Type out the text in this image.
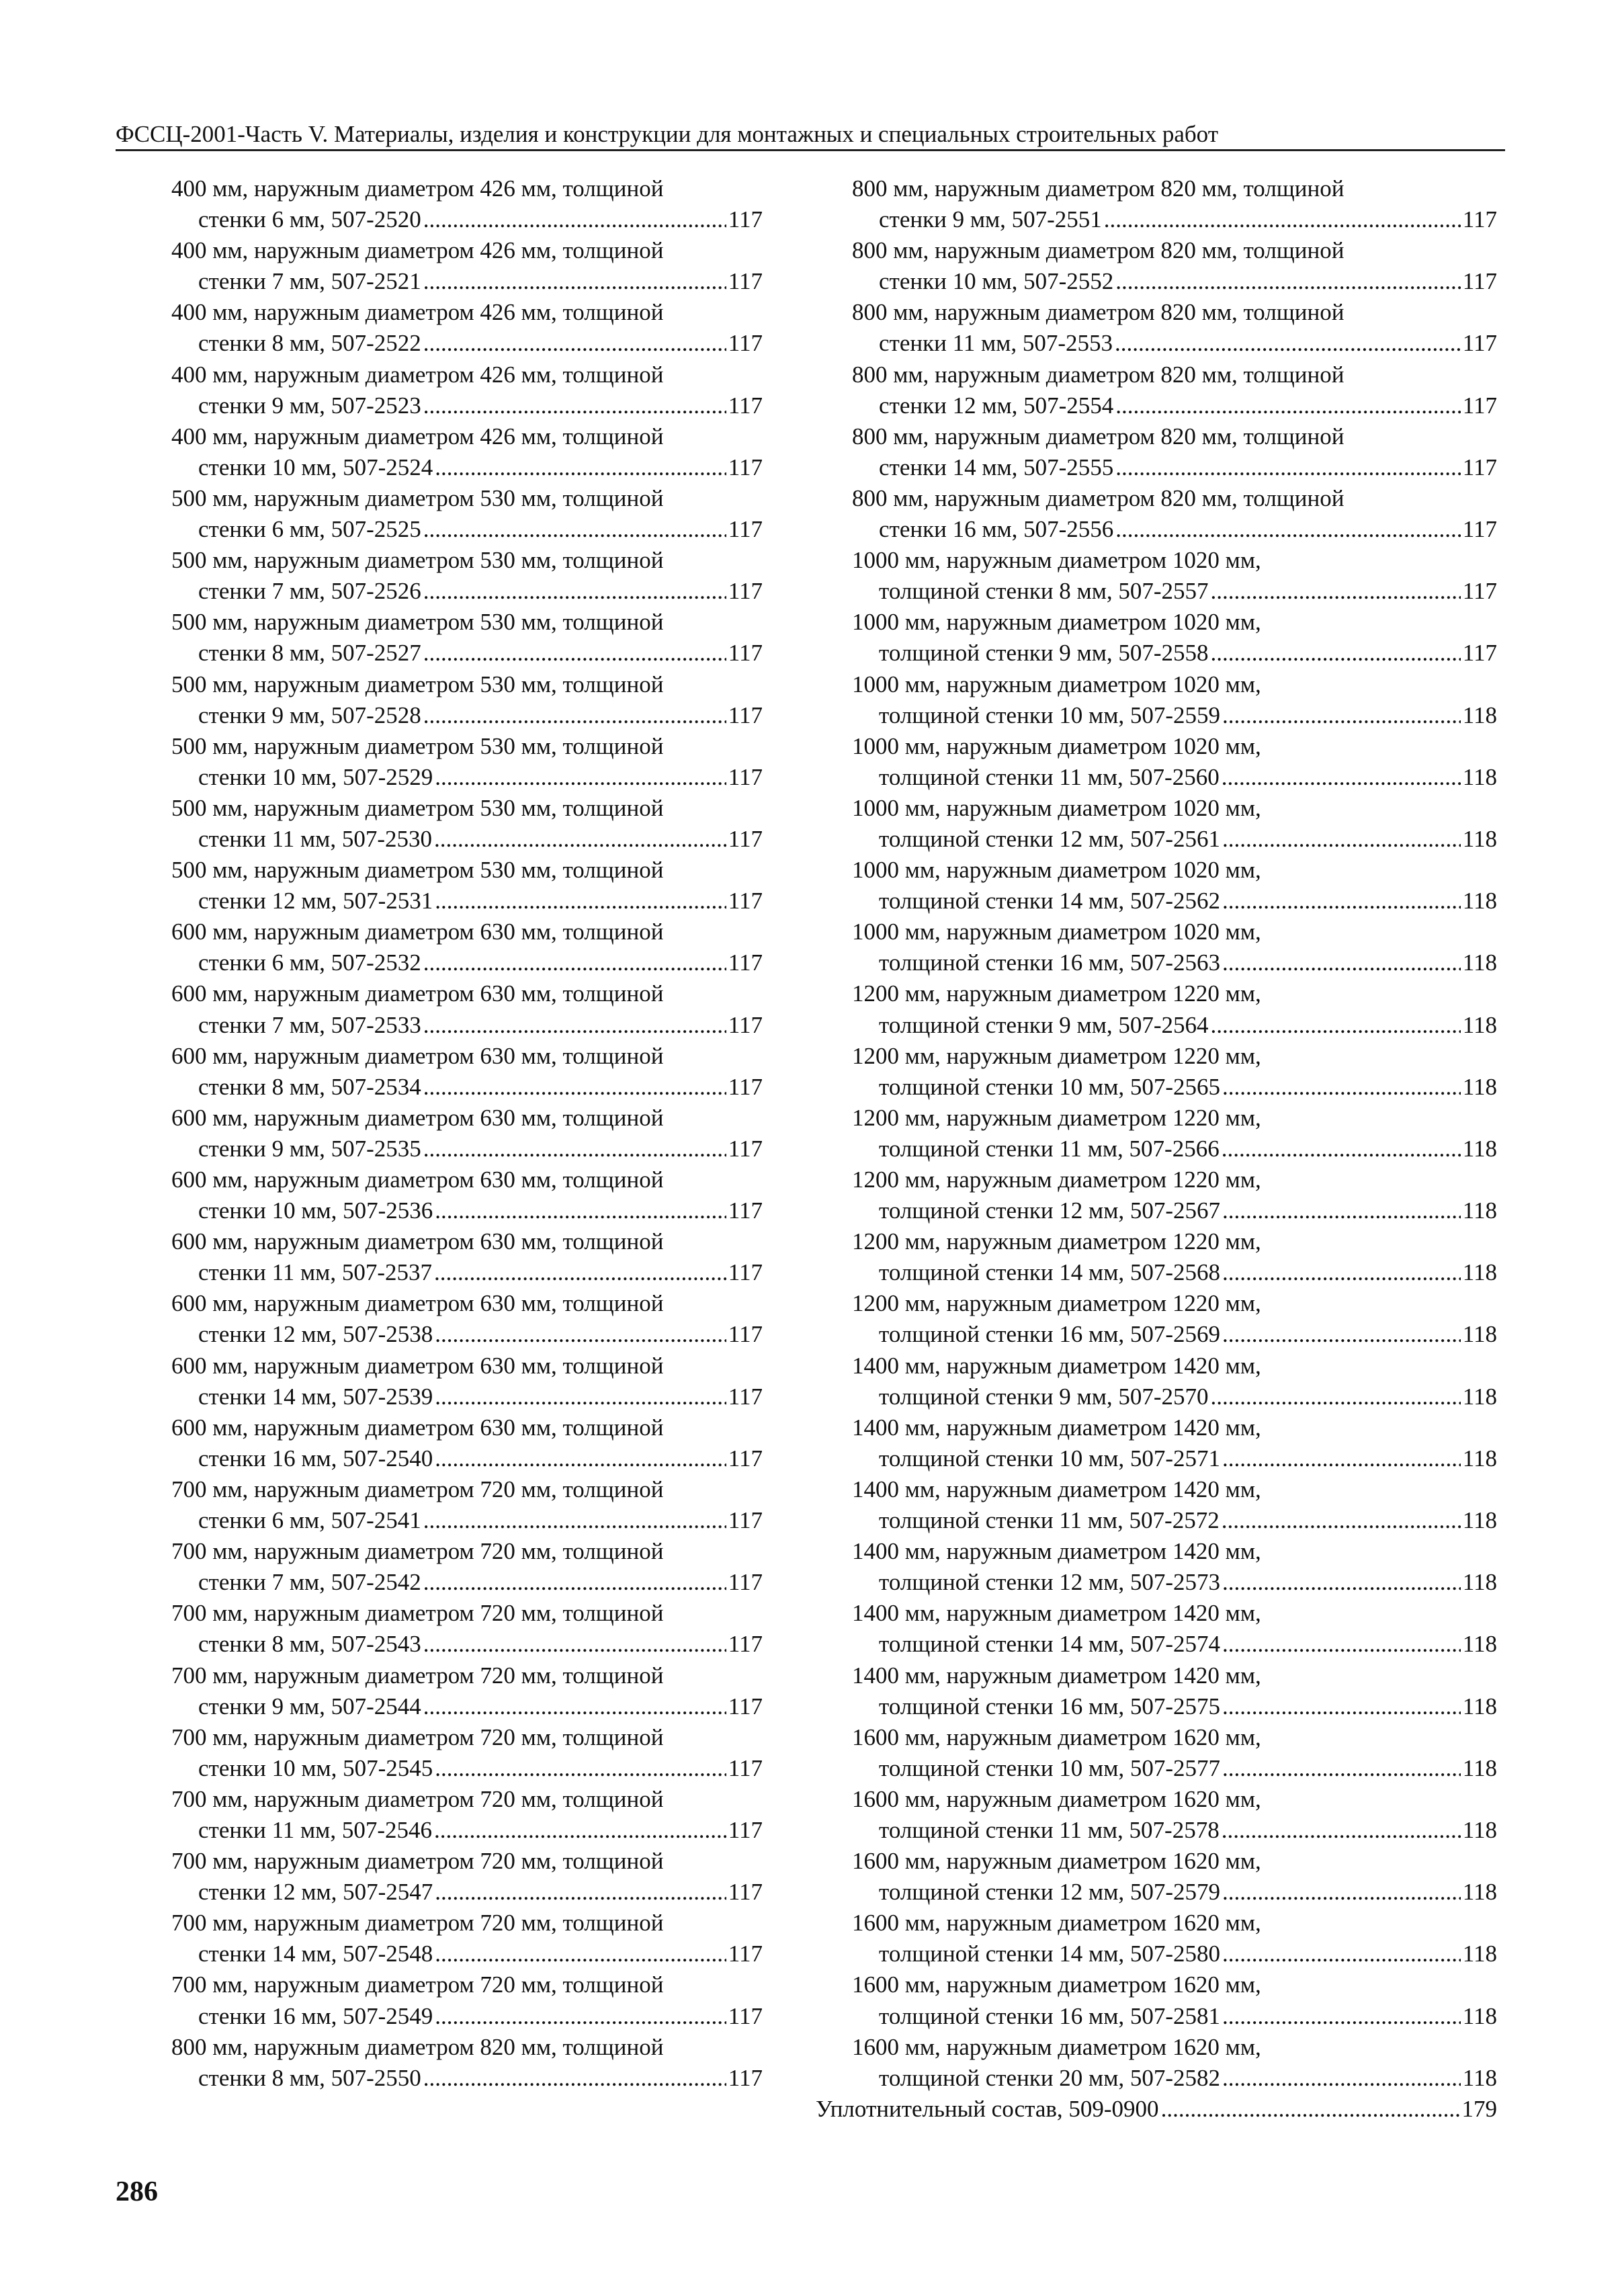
ФССЦ-2001-Часть V. Материалы, изделия и конструкции для монтажных и специальных строительных работ
400 мм, наружным диаметром 426 мм, толщиной
стенки 6 мм, 507-2520 .....	117
400 мм, наружным диаметром 426 мм, толщиной
стенки 7 мм, 507-2521 .....	117
400 мм, наружным диаметром 426 мм, толщиной
стенки 8 мм, 507-2522 .....	117
400 мм, наружным диаметром 426 мм, толщиной
стенки 9 мм, 507-2523 .....	117
400 мм, наружным диаметром 426 мм, толщиной
стенки 10 мм, 507-2524 .....	117
500 мм, наружным диаметром 530 мм, толщиной
стенки 6 мм, 507-2525 .....	117
500 мм, наружным диаметром 530 мм, толщиной
стенки 7 мм, 507-2526 .....	117
500 мм, наружным диаметром 530 мм, толщиной
стенки 8 мм, 507-2527 .....	117
500 мм, наружным диаметром 530 мм, толщиной
стенки 9 мм, 507-2528 .....	117
500 мм, наружным диаметром 530 мм, толщиной
стенки 10 мм, 507-2529 .....	117
500 мм, наружным диаметром 530 мм, толщиной
стенки 11 мм, 507-2530 .....	117
500 мм, наружным диаметром 530 мм, толщиной
стенки 12 мм, 507-2531 .....	117
600 мм, наружным диаметром 630 мм, толщиной
стенки 6 мм, 507-2532 .....	117
600 мм, наружным диаметром 630 мм, толщиной
стенки 7 мм, 507-2533 .....	117
600 мм, наружным диаметром 630 мм, толщиной
стенки 8 мм, 507-2534 .....	117
600 мм, наружным диаметром 630 мм, толщиной
стенки 9 мм, 507-2535 .....	117
600 мм, наружным диаметром 630 мм, толщиной
стенки 10 мм, 507-2536 .....	117
600 мм, наружным диаметром 630 мм, толщиной
стенки 11 мм, 507-2537 .....	117
600 мм, наружным диаметром 630 мм, толщиной
стенки 12 мм, 507-2538 .....	117
600 мм, наружным диаметром 630 мм, толщиной
стенки 14 мм, 507-2539 .....	117
600 мм, наружным диаметром 630 мм, толщиной
стенки 16 мм, 507-2540 .....	117
700 мм, наружным диаметром 720 мм, толщиной
стенки 6 мм, 507-2541 .....	117
700 мм, наружным диаметром 720 мм, толщиной
стенки 7 мм, 507-2542 .....	117
700 мм, наружным диаметром 720 мм, толщиной
стенки 8 мм, 507-2543 .....	117
700 мм, наружным диаметром 720 мм, толщиной
стенки 9 мм, 507-2544 .....	117
700 мм, наружным диаметром 720 мм, толщиной
стенки 10 мм, 507-2545 .....	117
700 мм, наружным диаметром 720 мм, толщиной
стенки 11 мм, 507-2546 .....	117
700 мм, наружным диаметром 720 мм, толщиной
стенки 12 мм, 507-2547 .....	117
700 мм, наружным диаметром 720 мм, толщиной
стенки 14 мм, 507-2548 .....	117
700 мм, наружным диаметром 720 мм, толщиной
стенки 16 мм, 507-2549 .....	117
800 мм, наружным диаметром 820 мм, толщиной
стенки 8 мм, 507-2550 .....	117
800 мм, наружным диаметром 820 мм, толщиной
стенки 9 мм, 507-2551 .....	117
800 мм, наружным диаметром 820 мм, толщиной
стенки 10 мм, 507-2552 .....	117
800 мм, наружным диаметром 820 мм, толщиной
стенки 11 мм, 507-2553 .....	117
800 мм, наружным диаметром 820 мм, толщиной
стенки 12 мм, 507-2554 .....	117
800 мм, наружным диаметром 820 мм, толщиной
стенки 14 мм, 507-2555 .....	117
800 мм, наружным диаметром 820 мм, толщиной
стенки 16 мм, 507-2556 .....	117
1000 мм, наружным диаметром 1020 мм,
толщиной стенки 8 мм, 507-2557 .....	117
1000 мм, наружным диаметром 1020 мм,
толщиной стенки 9 мм, 507-2558 .....	117
1000 мм, наружным диаметром 1020 мм,
толщиной стенки 10 мм, 507-2559 .....	118
1000 мм, наружным диаметром 1020 мм,
толщиной стенки 11 мм, 507-2560 .....	118
1000 мм, наружным диаметром 1020 мм,
толщиной стенки 12 мм, 507-2561 .....	118
1000 мм, наружным диаметром 1020 мм,
толщиной стенки 14 мм, 507-2562 .....	118
1000 мм, наружным диаметром 1020 мм,
толщиной стенки 16 мм, 507-2563 .....	118
1200 мм, наружным диаметром 1220 мм,
толщиной стенки 9 мм, 507-2564 .....	118
1200 мм, наружным диаметром 1220 мм,
толщиной стенки 10 мм, 507-2565 .....	118
1200 мм, наружным диаметром 1220 мм,
толщиной стенки 11 мм, 507-2566 .....	118
1200 мм, наружным диаметром 1220 мм,
толщиной стенки 12 мм, 507-2567 .....	118
1200 мм, наружным диаметром 1220 мм,
толщиной стенки 14 мм, 507-2568 .....	118
1200 мм, наружным диаметром 1220 мм,
толщиной стенки 16 мм, 507-2569 .....	118
1400 мм, наружным диаметром 1420 мм,
толщиной стенки 9 мм, 507-2570 .....	118
1400 мм, наружным диаметром 1420 мм,
толщиной стенки 10 мм, 507-2571 .....	118
1400 мм, наружным диаметром 1420 мм,
толщиной стенки 11 мм, 507-2572 .....	118
1400 мм, наружным диаметром 1420 мм,
толщиной стенки 12 мм, 507-2573 .....	118
1400 мм, наружным диаметром 1420 мм,
толщиной стенки 14 мм, 507-2574 .....	118
1400 мм, наружным диаметром 1420 мм,
толщиной стенки 16 мм, 507-2575 .....	118
1600 мм, наружным диаметром 1620 мм,
толщиной стенки 10 мм, 507-2577 .....	118
1600 мм, наружным диаметром 1620 мм,
толщиной стенки 11 мм, 507-2578 .....	118
1600 мм, наружным диаметром 1620 мм,
толщиной стенки 12 мм, 507-2579 .....	118
1600 мм, наружным диаметром 1620 мм,
толщиной стенки 14 мм, 507-2580 .....	118
1600 мм, наружным диаметром 1620 мм,
толщиной стенки 16 мм, 507-2581 .....	118
1600 мм, наружным диаметром 1620 мм,
толщиной стенки 20 мм, 507-2582 .....	118
Уплотнительный состав, 509-0900 .....	179
286
